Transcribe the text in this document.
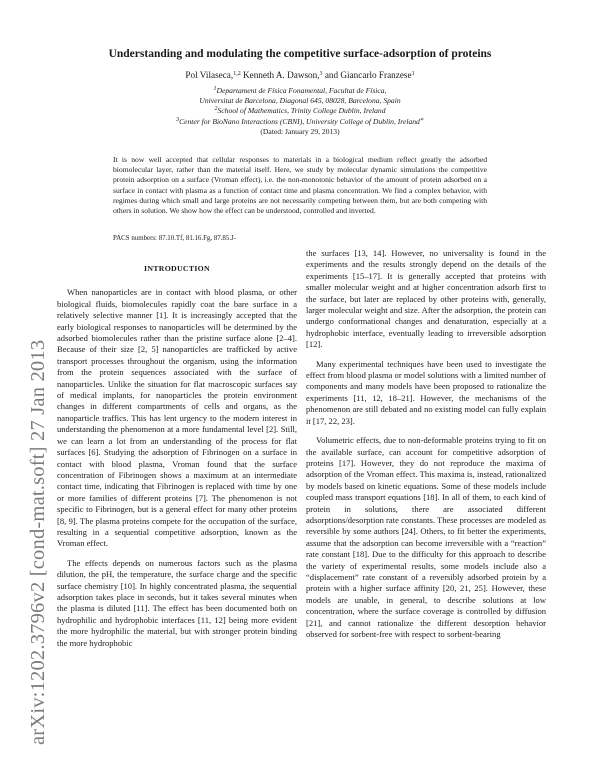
arXiv:1202.3796v2 [cond-mat.soft] 27 Jan 2013
Understanding and modulating the competitive surface-adsorption of proteins
Pol Vilaseca,$^{1,2}$ Kenneth A. Dawson,$^3$ and Giancarlo Franzese$^1$
$^1$Departament de Física Fonamental, Facultat de Física,
Universitat de Barcelona, Diagonal 645, 08028, Barcelona, Spain
$^2$School of Mathematics, Trinity College Dublin, Ireland
$^3$Center for BioNano Interactions (CBNI), University College of Dublin, Ireland∗
(Dated: January 29, 2013)
It is now well accepted that cellular responses to materials in a biological medium reflect greatly the adsorbed biomolecular layer, rather than the material itself. Here, we study by molecular dynamic simulations the competitive protein adsorption on a surface (Vroman effect), i.e. the non-monotonic behavior of the amount of protein adsorbed on a surface in contact with plasma as a function of contact time and plasma concentration. We find a complex behavior, with regimes during which small and large proteins are not necessarily competing between them, but are both competing with others in solution. We show how the effect can be understood, controlled and inverted.
PACS numbers: 87.10.Tf, 81.16.Fg, 87.85.J-
INTRODUCTION

When nanoparticles are in contact with blood plasma, or other biological fluids, biomolecules rapidly coat the bare surface in a relatively selective manner [1]. It is increasingly accepted that the early biological responses to nanoparticles will be determined by the adsorbed biomolecules rather than the pristine surface alone [2–4]. Because of their size [2, 5] nanoparticles are trafficked by active transport processes throughout the organism, using the information from the protein sequences associated with the surface of nanoparticles. Unlike the situation for flat macroscopic surfaces say of medical implants, for nanoparticles the protein environment changes in different compartments of cells and organs, as the nanoparticle traffics. This has lent urgency to the modern interest in understanding the phenomenon at a more fundamental level [2]. Still, we can learn a lot from an understanding of the process for flat surfaces [6]. Studying the adsorption of Fibrinogen on a surface in contact with blood plasma, Vroman found that the surface concentration of Fibrinogen shows a maximum at an intermediate contact time, indicating that Fibrinogen is replaced with time by one or more families of different proteins [7]. The phenomenon is not specific to Fibrinogen, but is a general effect for many other proteins [8, 9]. The plasma proteins compete for the occupation of the surface, resulting in a sequential competitive adsorption, known as the Vroman effect.

The effects depends on numerous factors such as the plasma dilution, the pH, the temperature, the surface charge and the specific surface chemistry [10]. In highly concentrated plasma, the sequential adsorption takes place in seconds, but it takes several minutes when the plasma is diluted [11]. The effect has been documented both on hydrophilic and hydrophobic interfaces [11, 12] being more evident the more hydrophilic the material, but with stronger protein binding the more hydrophobic

the surfaces [13, 14]. However, no universality is found in the experiments and the results strongly depend on the details of the experiments [15–17]. It is generally accepted that proteins with smaller molecular weight and at higher concentration adsorb first to the surface, but later are replaced by other proteins with, generally, larger molecular weight and size. After the adsorption, the protein can undergo conformational changes and denaturation, especially at a hydrophobic interface, eventually leading to irreversible adsorption [12].

Many experimental techniques have been used to investigate the effect from blood plasma or model solutions with a limited number of components and many models have been proposed to rationalize the experiments [11, 12, 18–21]. However, the mechanisms of the phenomenon are still debated and no existing model can fully explain it [17, 22, 23].

Volumetric effects, due to non-deformable proteins trying to fit on the available surface, can account for competitive adsorption of proteins [17]. However, they do not reproduce the maxima of adsorption of the Vroman effect. This maxima is, instead, rationalized by models based on kinetic equations. Some of these models include coupled mass transport equations [18]. In all of them, to each kind of protein in solutions, there are associated different adsorptions/desorption rate constants. These processes are modeled as reversible by some authors [24]. Others, to fit better the experiments, assume that the adsorption can become irreversible with a “reaction” rate constant [18]. Due to the difficulty for this approach to describe the variety of experimental results, some models include also a “displacement” rate constant of a reversibly adsorbed protein by a protein with a higher surface affinity [20, 21, 25]. However, these models are unable, in general, to describe solutions at low concentration, where the surface coverage is controlled by diffusion [21], and cannot rationalize the different desorption behavior observed for sorbent-free with respect to sorbent-bearing
